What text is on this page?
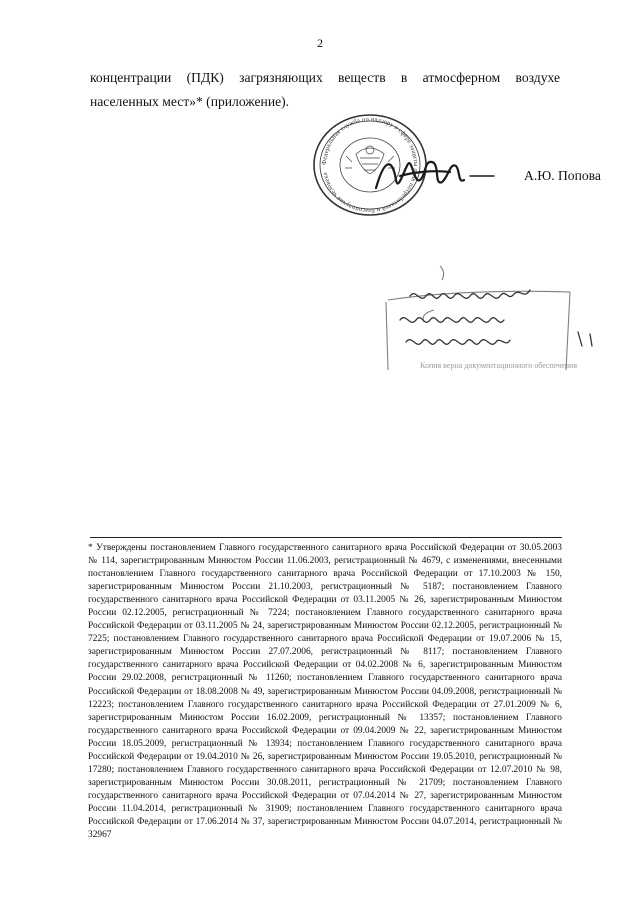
2
концентрации (ПДК) загрязняющих веществ в атмосферном воздухе населенных мест»* (приложение).
Федеральная служба по надзору в сфере защиты прав потребителей и благополучия человека	А.Ю. Попова
Копия верна документационного обеспечения
* Утверждены постановлением Главного государственного санитарного врача Российской Федерации от 30.05.2003 № 114, зарегистрированным Минюстом России 11.06.2003, регистрационный № 4679, с изменениями, внесенными постановлением Главного государственного санитарного врача Российской Федерации от 17.10.2003 № 150, зарегистрированным Минюстом России 21.10.2003, регистрационный № 5187; постановлением Главного государственного санитарного врача Российской Федерации от 03.11.2005 № 26, зарегистрированным Минюстом России 02.12.2005, регистрационный № 7224; постановлением Главного государственного санитарного врача Российской Федерации от 03.11.2005 № 24, зарегистрированным Минюстом России 02.12.2005, регистрационный № 7225; постановлением Главного государственного санитарного врача Российской Федерации от 19.07.2006 № 15, зарегистрированным Минюстом России 27.07.2006, регистрационный № 8117; постановлением Главного государственного санитарного врача Российской Федерации от 04.02.2008 № 6, зарегистрированным Минюстом России 29.02.2008, регистрационный № 11260; постановлением Главного государственного санитарного врача Российской Федерации от 18.08.2008 № 49, зарегистрированным Минюстом России 04.09.2008, регистрационный № 12223; постановлением Главного государственного санитарного врача Российской Федерации от 27.01.2009 № 6, зарегистрированным Минюстом России 16.02.2009, регистрационный № 13357; постановлением Главного государственного санитарного врача Российской Федерации от 09.04.2009 № 22, зарегистрированным Минюстом России 18.05.2009, регистрационный № 13934; постановлением Главного государственного санитарного врача Российской Федерации от 19.04.2010 № 26, зарегистрированным Минюстом России 19.05.2010, регистрационный № 17280; постановлением Главного государственного санитарного врача Российской Федерации от 12.07.2010 № 98, зарегистрированным Минюстом России 30.08.2011, регистрационный № 21709; постановлением Главного государственного санитарного врача Российской Федерации от 07.04.2014 № 27, зарегистрированным Минюстом России 11.04.2014, регистрационный № 31909; постановлением Главного государственного санитарного врача Российской Федерации от 17.06.2014 № 37, зарегистрированным Минюстом России 04.07.2014, регистрационный № 32967
